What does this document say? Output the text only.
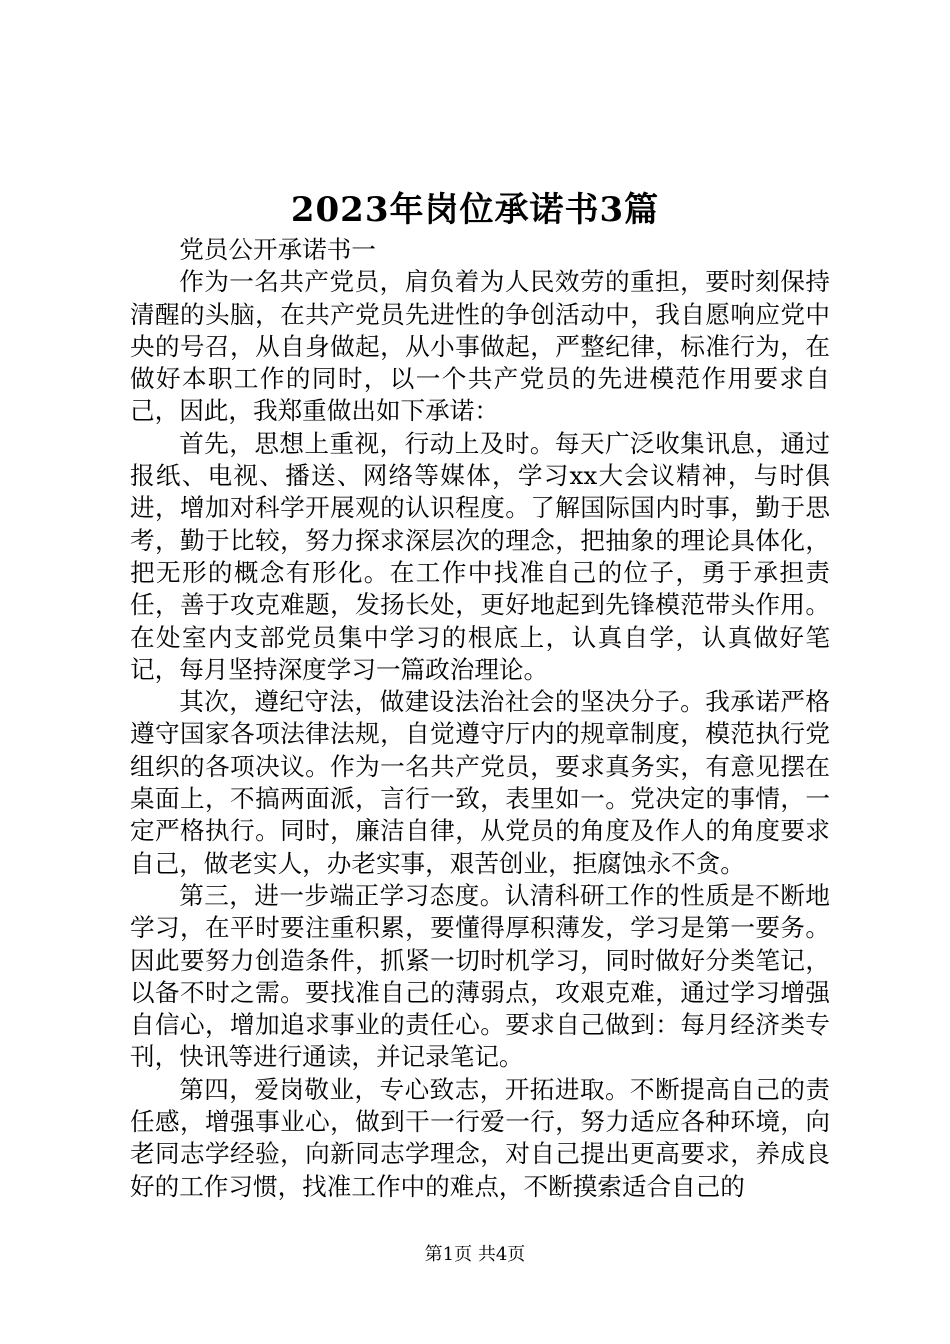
2023年岗位承诺书3篇

党员公开承诺书一

作为一名共产党员，肩负着为人民效劳的重担，要时刻保持清醒的头脑，在共产党员先进性的争创活动中，我自愿响应党中央的号召，从自身做起，从小事做起，严整纪律，标准行为，在做好本职工作的同时，以一个共产党员的先进模范作用要求自己，因此，我郑重做出如下承诺：

首先，思想上重视，行动上及时。每天广泛收集讯息，通过报纸、电视、播送、网络等媒体，学习xx大会议精神，与时俱进，增加对科学开展观的认识程度。了解国际国内时事，勤于思考，勤于比较，努力探求深层次的理念，把抽象的理论具体化，把无形的概念有形化。在工作中找准自己的位子，勇于承担责任，善于攻克难题，发扬长处，更好地起到先锋模范带头作用。在处室内支部党员集中学习的根底上，认真自学，认真做好笔记，每月坚持深度学习一篇政治理论。

其次，遵纪守法，做建设法治社会的坚决分子。我承诺严格遵守国家各项法律法规，自觉遵守厅内的规章制度，模范执行党组织的各项决议。作为一名共产党员，要求真务实，有意见摆在桌面上，不搞两面派，言行一致，表里如一。党决定的事情，一定严格执行。同时，廉洁自律，从党员的角度及作人的角度要求自己，做老实人，办老实事，艰苦创业，拒腐蚀永不贪。

第三，进一步端正学习态度。认清科研工作的性质是不断地学习，在平时要注重积累，要懂得厚积薄发，学习是第一要务。因此要努力创造条件，抓紧一切时机学习，同时做好分类笔记，以备不时之需。要找准自己的薄弱点，攻艰克难，通过学习增强自信心，增加追求事业的责任心。要求自己做到：每月经济类专刊，快讯等进行通读，并记录笔记。

第四，爱岗敬业，专心致志，开拓进取。不断提高自己的责任感，增强事业心，做到干一行爱一行，努力适应各种环境，向老同志学经验，向新同志学理念，对自己提出更高要求，养成良好的工作习惯，找准工作中的难点，不断摸索适合自己的

第1页 共4页
